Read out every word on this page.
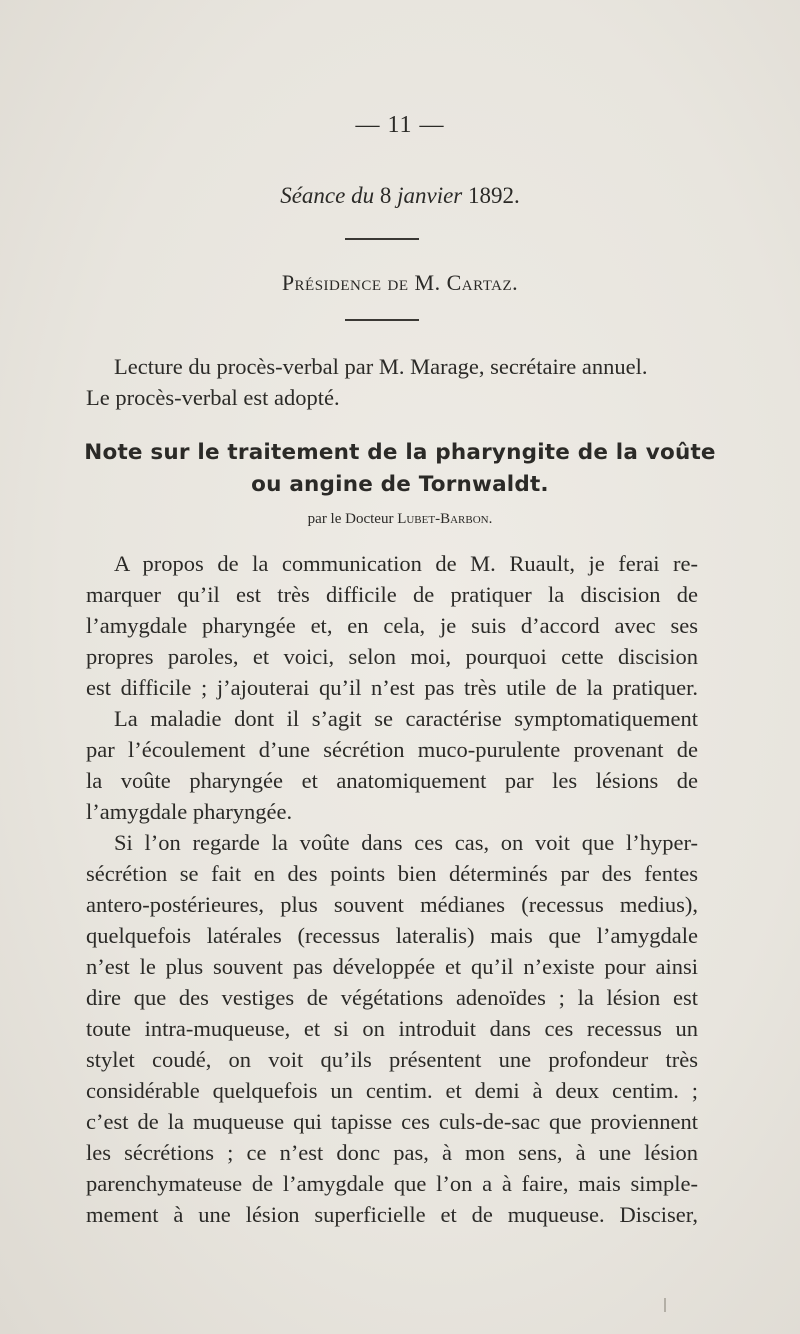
— 11 —
Séance du 8 janvier 1892.
Présidence de M. Cartaz.
Lecture du procès-verbal par M. Marage, secrétaire annuel.
Le procès-verbal est adopté.
Note sur le traitement de la pharyngite de la voûte
ou angine de Tornwaldt.
par le Docteur Lubet-Barbon.
A propos de la communication de M. Ruault, je ferai re-
marquer qu’il est très difficile de pratiquer la discision de
l’amygdale pharyngée et, en cela, je suis d’accord avec ses
propres paroles, et voici, selon moi, pourquoi cette discision
est difficile ; j’ajouterai qu’il n’est pas très utile de la pratiquer.
La maladie dont il s’agit se caractérise symptomatiquement
par l’écoulement d’une sécrétion muco-purulente provenant de
la voûte pharyngée et anatomiquement par les lésions de
l’amygdale pharyngée.
Si l’on regarde la voûte dans ces cas, on voit que l’hyper-
sécrétion se fait en des points bien déterminés par des fentes
antero-postérieures, plus souvent médianes (recessus medius),
quelquefois latérales (recessus lateralis) mais que l’amygdale
n’est le plus souvent pas développée et qu’il n’existe pour ainsi
dire que des vestiges de végétations adenoïdes ; la lésion est
toute intra-muqueuse, et si on introduit dans ces recessus un
stylet coudé, on voit qu’ils présentent une profondeur très
considérable quelquefois un centim. et demi à deux centim. ;
c’est de la muqueuse qui tapisse ces culs-de-sac que proviennent
les sécrétions ; ce n’est donc pas, à mon sens, à une lésion
parenchymateuse de l’amygdale que l’on a à faire, mais simple-
mement à une lésion superficielle et de muqueuse. Disciser,
